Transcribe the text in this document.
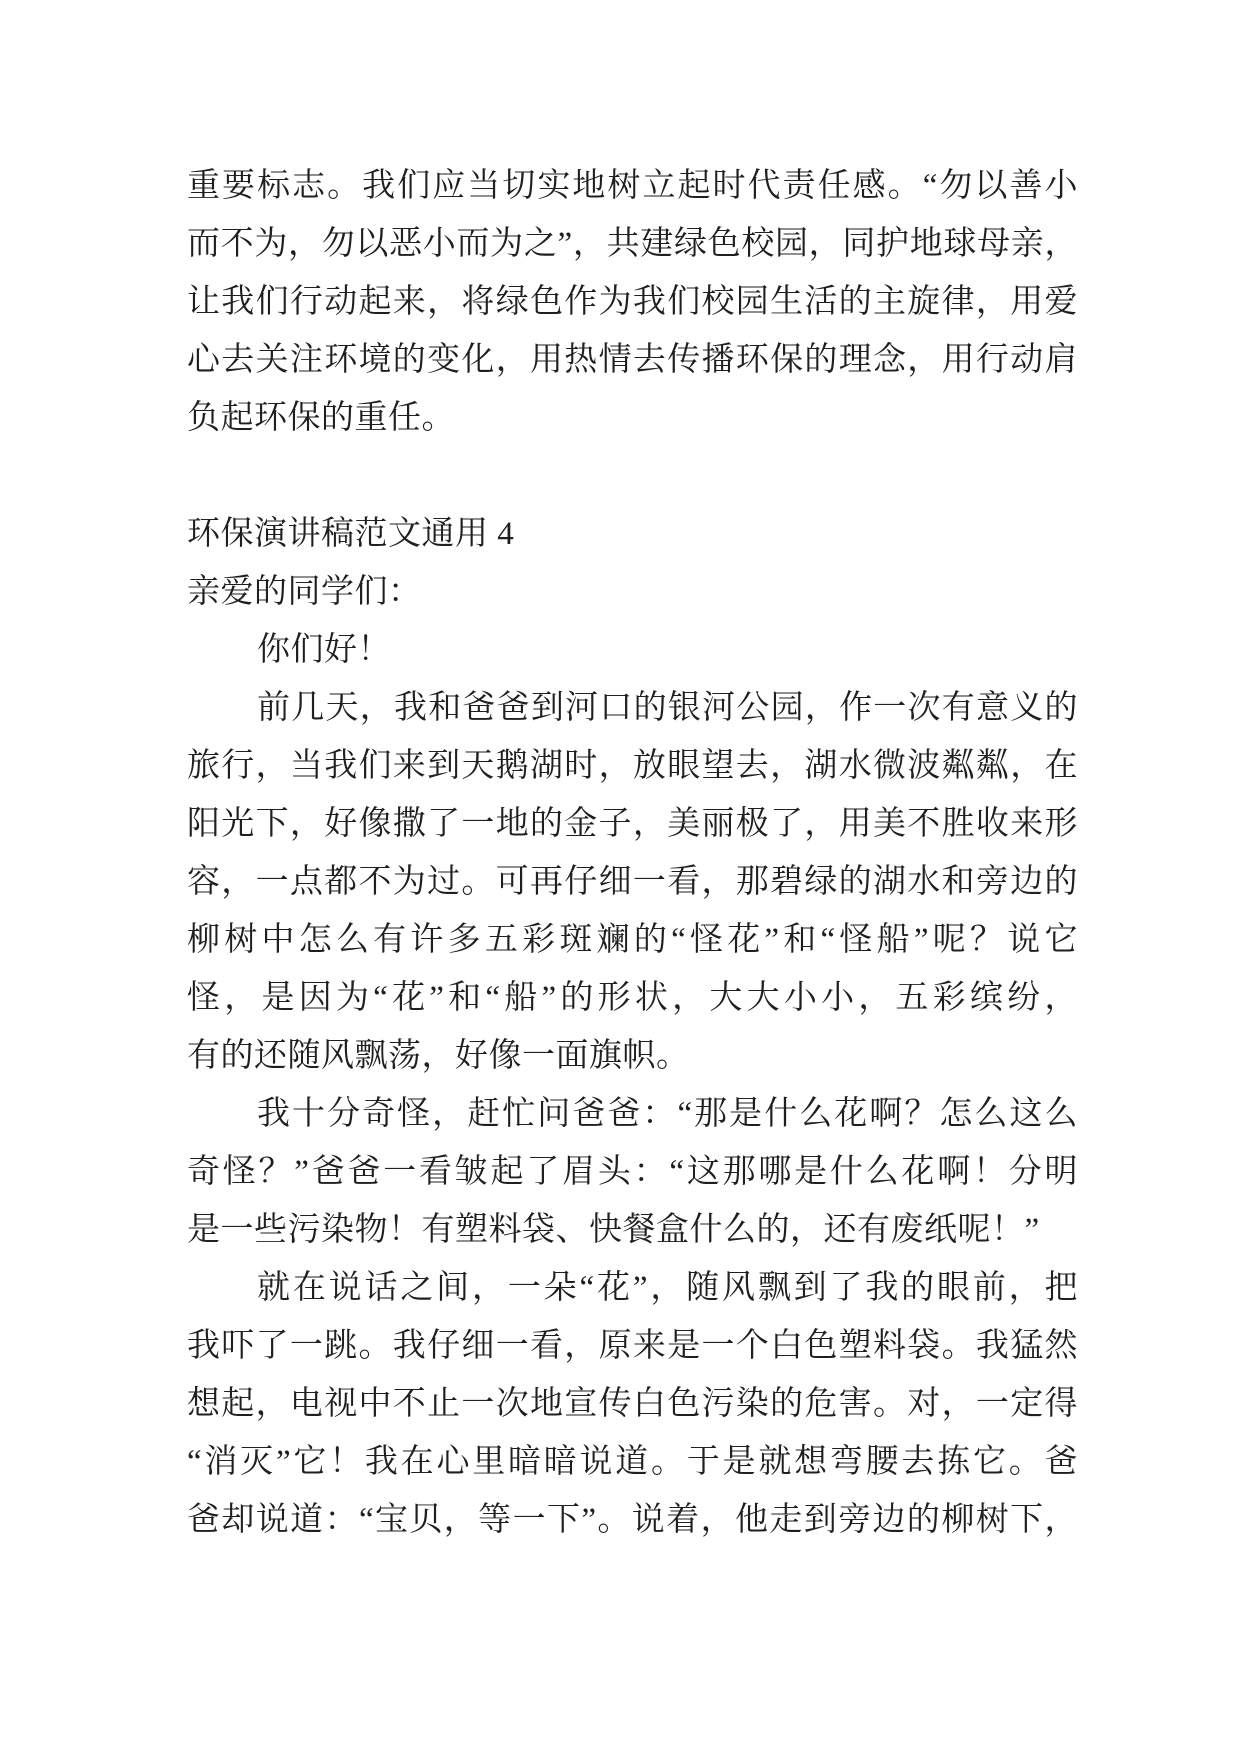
重要标志。我们应当切实地树立起时代责任感。“勿以善小
而不为，勿以恶小而为之”，共建绿色校园，同护地球母亲，
让我们行动起来，将绿色作为我们校园生活的主旋律，用爱
心去关注环境的变化，用热情去传播环保的理念，用行动肩
负起环保的重任。
环保演讲稿范文通用 4
亲爱的同学们：
你们好！
前几天，我和爸爸到河口的银河公园，作一次有意义的
旅行，当我们来到天鹅湖时，放眼望去，湖水微波粼粼，在
阳光下，好像撒了一地的金子，美丽极了，用美不胜收来形
容，一点都不为过。可再仔细一看，那碧绿的湖水和旁边的
柳树中怎么有许多五彩斑斓的“怪花”和“怪船”呢？说它
怪，是因为“花”和“船”的形状，大大小小，五彩缤纷，
有的还随风飘荡，好像一面旗帜。
我十分奇怪，赶忙问爸爸：“那是什么花啊？怎么这么
奇怪？”爸爸一看皱起了眉头：“这那哪是什么花啊！分明
是一些污染物！有塑料袋、快餐盒什么的，还有废纸呢！”
就在说话之间，一朵“花”，随风飘到了我的眼前，把
我吓了一跳。我仔细一看，原来是一个白色塑料袋。我猛然
想起，电视中不止一次地宣传白色污染的危害。对，一定得
“消灭”它！我在心里暗暗说道。于是就想弯腰去拣它。爸
爸却说道：“宝贝，等一下”。说着，他走到旁边的柳树下，
